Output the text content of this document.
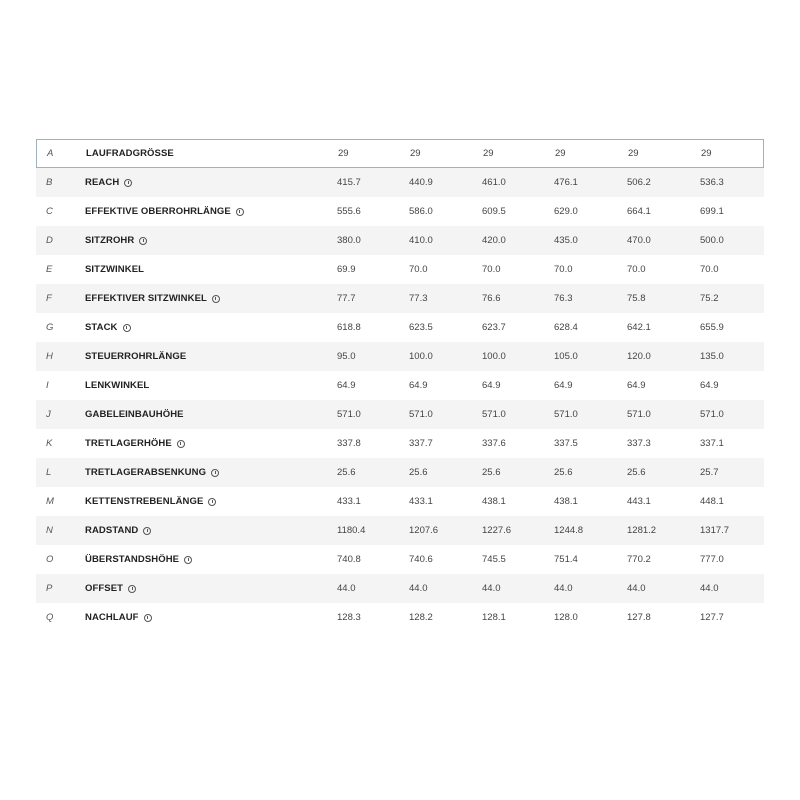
A	LAUFRADGRÖSSE	29	29	29	29	29	29
B	REACH	415.7	440.9	461.0	476.1	506.2	536.3
C	EFFEKTIVE OBERROHRLÄNGE	555.6	586.0	609.5	629.0	664.1	699.1
D	SITZROHR	380.0	410.0	420.0	435.0	470.0	500.0
E	SITZWINKEL	69.9	70.0	70.0	70.0	70.0	70.0
F	EFFEKTIVER SITZWINKEL	77.7	77.3	76.6	76.3	75.8	75.2
G	STACK	618.8	623.5	623.7	628.4	642.1	655.9
H	STEUERROHRLÄNGE	95.0	100.0	100.0	105.0	120.0	135.0
I	LENKWINKEL	64.9	64.9	64.9	64.9	64.9	64.9
J	GABELEINBAUHÖHE	571.0	571.0	571.0	571.0	571.0	571.0
K	TRETLAGERHÖHE	337.8	337.7	337.6	337.5	337.3	337.1
L	TRETLAGERABSENKUNG	25.6	25.6	25.6	25.6	25.6	25.7
M	KETTENSTREBENLÄNGE	433.1	433.1	438.1	438.1	443.1	448.1
N	RADSTAND	1180.4	1207.6	1227.6	1244.8	1281.2	1317.7
O	ÜBERSTANDSHÖHE	740.8	740.6	745.5	751.4	770.2	777.0
P	OFFSET	44.0	44.0	44.0	44.0	44.0	44.0
Q	NACHLAUF	128.3	128.2	128.1	128.0	127.8	127.7
